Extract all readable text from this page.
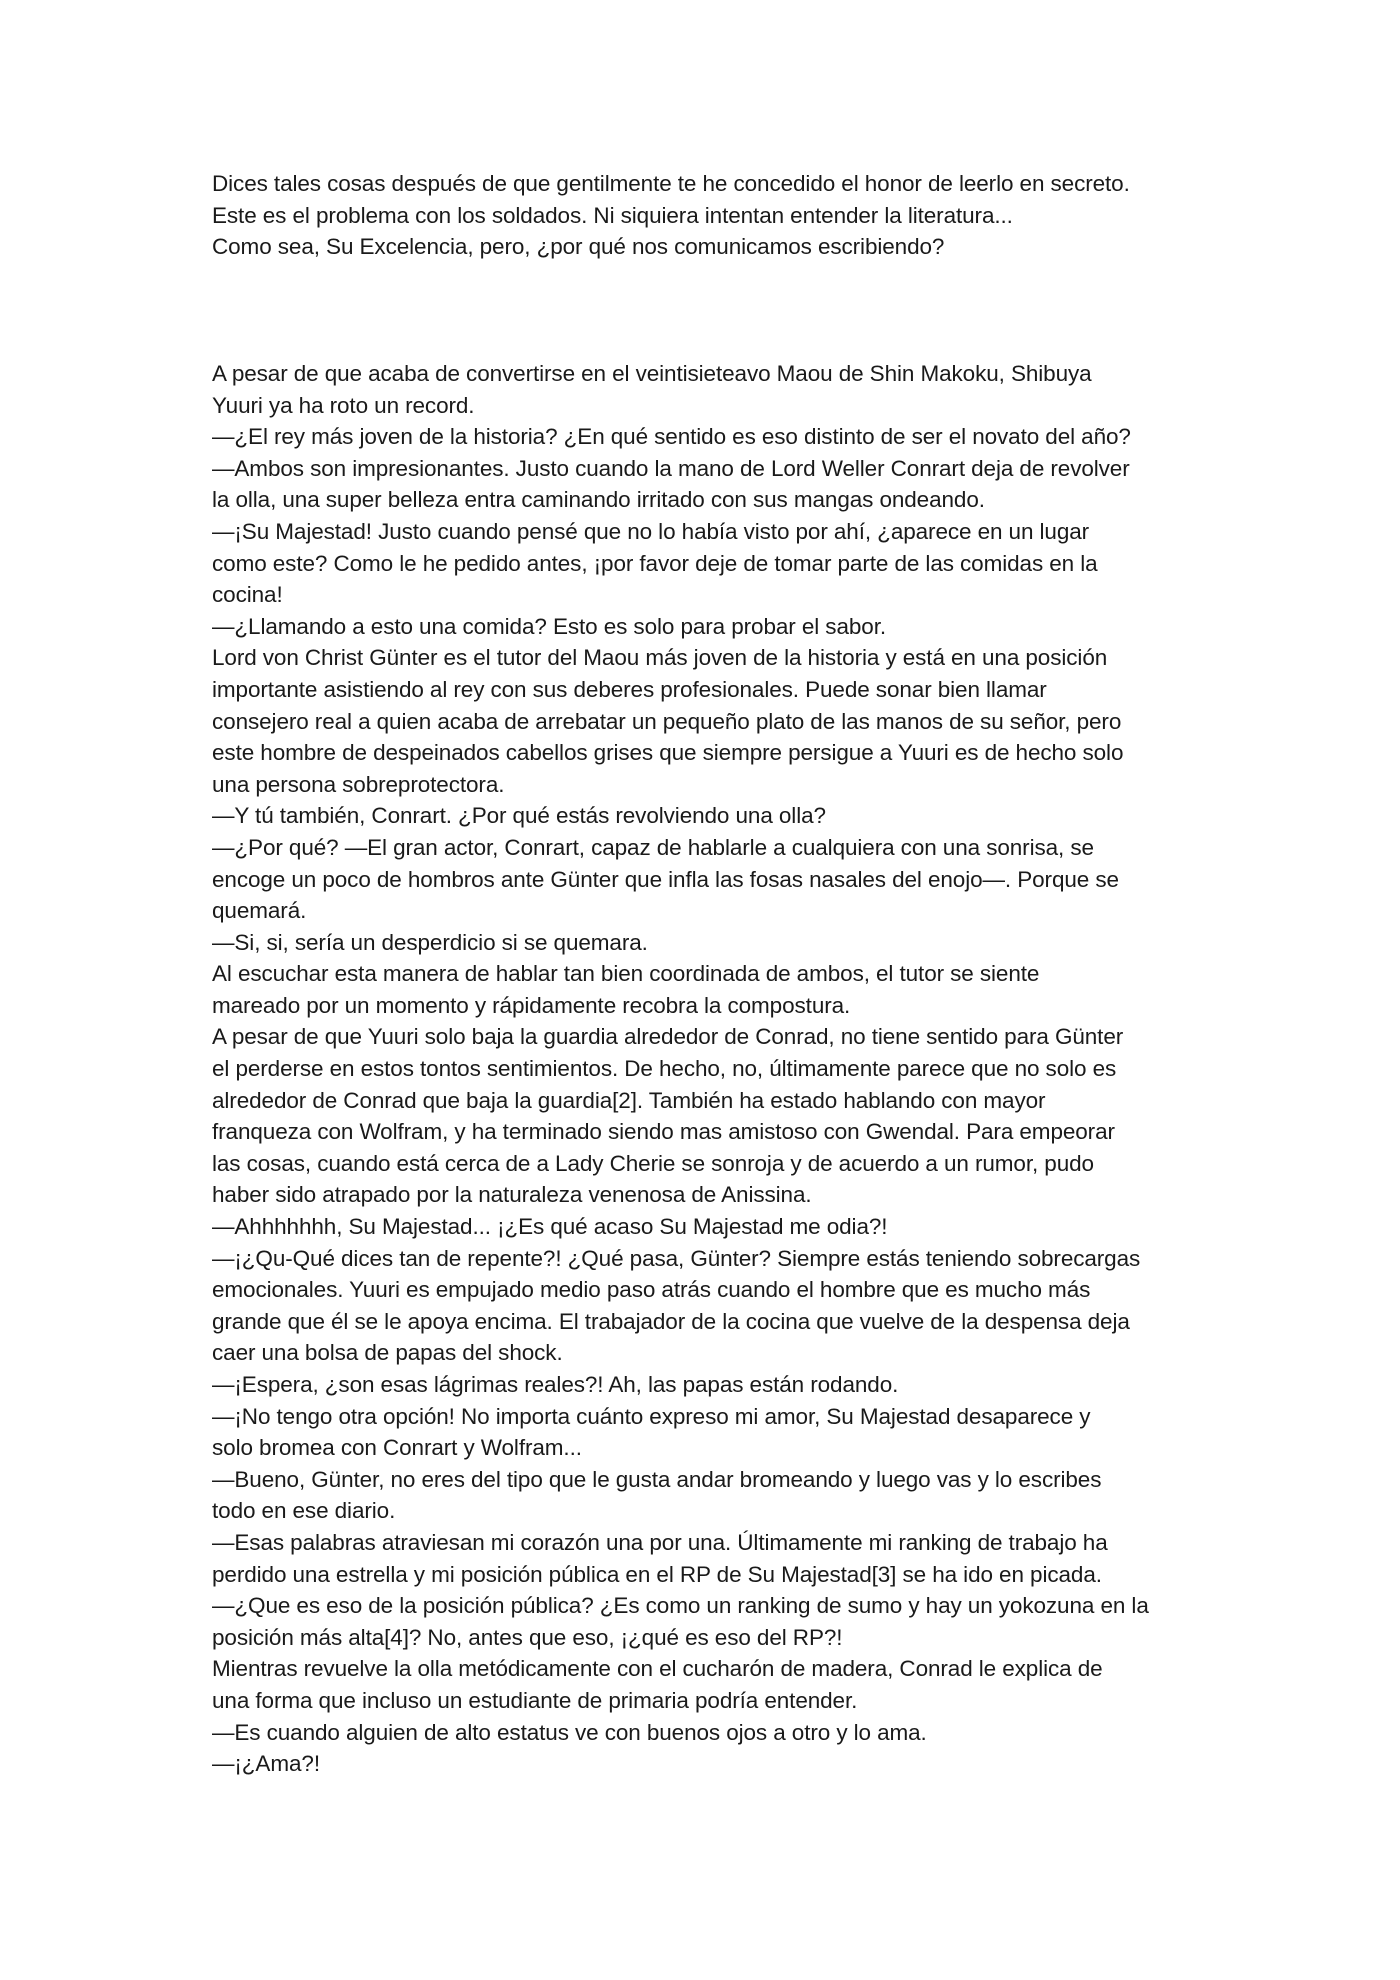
Dices tales cosas después de que gentilmente te he concedido el honor de leerlo en secreto.
Este es el problema con los soldados. Ni siquiera intentan entender la literatura...
Como sea, Su Excelencia, pero, ¿por qué nos comunicamos escribiendo?
A pesar de que acaba de convertirse en el veintisieteavo Maou de Shin Makoku, Shibuya
Yuuri ya ha roto un record.
—¿El rey más joven de la historia? ¿En qué sentido es eso distinto de ser el novato del año?
—Ambos son impresionantes. Justo cuando la mano de Lord Weller Conrart deja de revolver
la olla, una super belleza entra caminando irritado con sus mangas ondeando.
—¡Su Majestad! Justo cuando pensé que no lo había visto por ahí, ¿aparece en un lugar
como este? Como le he pedido antes, ¡por favor deje de tomar parte de las comidas en la
cocina!
—¿Llamando a esto una comida? Esto es solo para probar el sabor.
Lord von Christ Günter es el tutor del Maou más joven de la historia y está en una posición
importante asistiendo al rey con sus deberes profesionales. Puede sonar bien llamar
consejero real a quien acaba de arrebatar un pequeño plato de las manos de su señor, pero
este hombre de despeinados cabellos grises que siempre persigue a Yuuri es de hecho solo
una persona sobreprotectora.
—Y tú también, Conrart. ¿Por qué estás revolviendo una olla?
—¿Por qué? —El gran actor, Conrart, capaz de hablarle a cualquiera con una sonrisa, se
encoge un poco de hombros ante Günter que infla las fosas nasales del enojo—. Porque se
quemará.
—Si, si, sería un desperdicio si se quemara.
Al escuchar esta manera de hablar tan bien coordinada de ambos, el tutor se siente
mareado por un momento y rápidamente recobra la compostura.
A pesar de que Yuuri solo baja la guardia alrededor de Conrad, no tiene sentido para Günter
el perderse en estos tontos sentimientos. De hecho, no, últimamente parece que no solo es
alrededor de Conrad que baja la guardia[2]. También ha estado hablando con mayor
franqueza con Wolfram, y ha terminado siendo mas amistoso con Gwendal. Para empeorar
las cosas, cuando está cerca de a Lady Cherie se sonroja y de acuerdo a un rumor, pudo
haber sido atrapado por la naturaleza venenosa de Anissina.
—Ahhhhhhh, Su Majestad... ¡¿Es qué acaso Su Majestad me odia?!
—¡¿Qu-Qué dices tan de repente?! ¿Qué pasa, Günter? Siempre estás teniendo sobrecargas
emocionales. Yuuri es empujado medio paso atrás cuando el hombre que es mucho más
grande que él se le apoya encima. El trabajador de la cocina que vuelve de la despensa deja
caer una bolsa de papas del shock.
—¡Espera, ¿son esas lágrimas reales?! Ah, las papas están rodando.
—¡No tengo otra opción! No importa cuánto expreso mi amor, Su Majestad desaparece y
solo bromea con Conrart y Wolfram...
—Bueno, Günter, no eres del tipo que le gusta andar bromeando y luego vas y lo escribes
todo en ese diario.
—Esas palabras atraviesan mi corazón una por una. Últimamente mi ranking de trabajo ha
perdido una estrella y mi posición pública en el RP de Su Majestad[3] se ha ido en picada.
—¿Que es eso de la posición pública? ¿Es como un ranking de sumo y hay un yokozuna en la
posición más alta[4]? No, antes que eso, ¡¿qué es eso del RP?!
Mientras revuelve la olla metódicamente con el cucharón de madera, Conrad le explica de
una forma que incluso un estudiante de primaria podría entender.
—Es cuando alguien de alto estatus ve con buenos ojos a otro y lo ama.
—¡¿Ama?!
